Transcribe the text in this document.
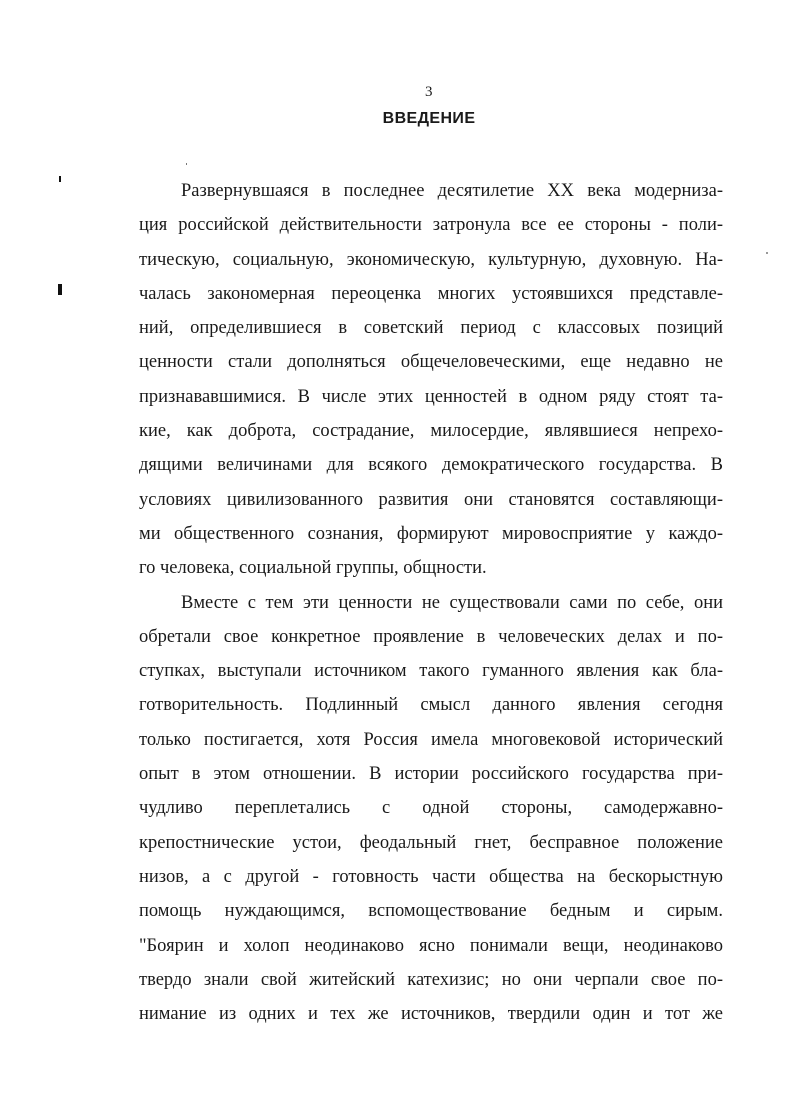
3
ВВЕДЕНИЕ
Развернувшаяся в последнее десятилетие XX века модерниза-
ция российской действительности затронула все ее стороны - поли-
тическую, социальную, экономическую, культурную, духовную. На-
чалась закономерная переоценка многих устоявшихся представле-
ний, определившиеся в советский период с классовых позиций
ценности стали дополняться общечеловеческими, еще недавно не
признававшимися. В числе этих ценностей в одном ряду стоят та-
кие, как доброта, сострадание, милосердие, являвшиеся непрехо-
дящими величинами для всякого демократического государства. В
условиях цивилизованного развития они становятся составляющи-
ми общественного сознания, формируют мировосприятие у каждо-
го человека, социальной группы, общности.
Вместе с тем эти ценности не существовали сами по себе, они
обретали свое конкретное проявление в человеческих делах и по-
ступках, выступали источником такого гуманного явления как бла-
готворительность. Подлинный смысл данного явления сегодня
только постигается, хотя Россия имела многовековой исторический
опыт в этом отношении. В истории российского государства при-
чудливо переплетались с одной стороны, самодержавно-
крепостнические устои, феодальный гнет, бесправное положение
низов, а с другой - готовность части общества на бескорыстную
помощь нуждающимся, вспомоществование бедным и сирым.
"Боярин и холоп неодинаково ясно понимали вещи, неодинаково
твердо знали свой житейский катехизис; но они черпали свое по-
нимание из одних и тех же источников, твердили один и тот же
